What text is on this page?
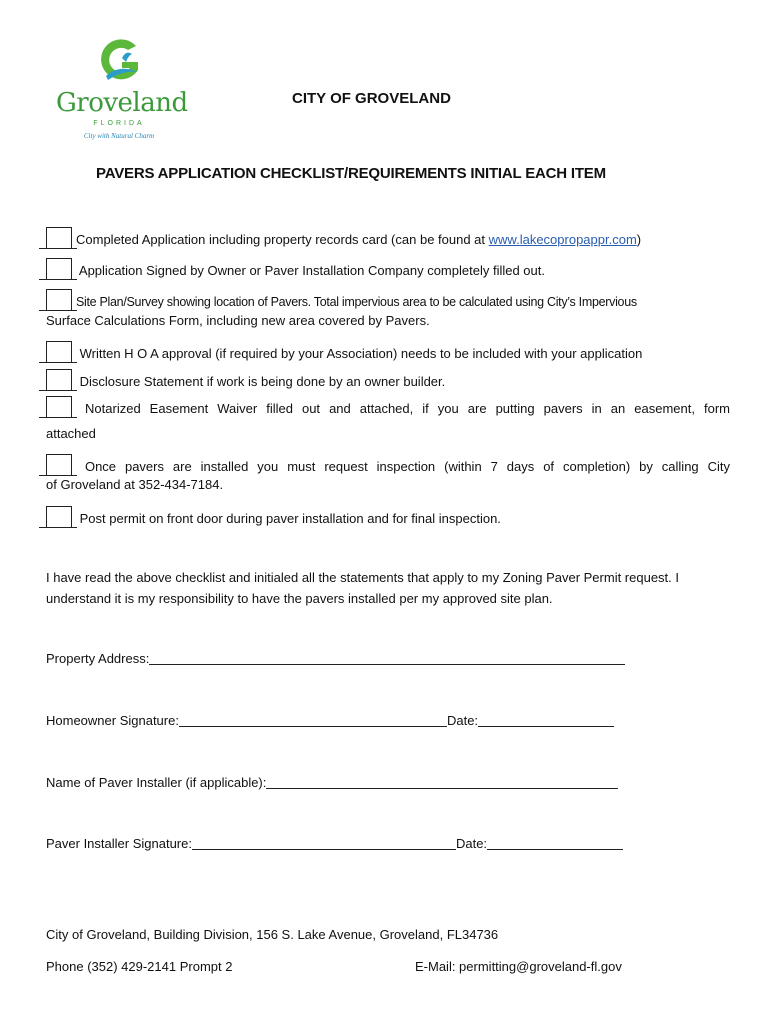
Groveland
FLORIDA
City with Natural Charm
CITY OF GROVELAND
PAVERS APPLICATION CHECKLIST/REQUIREMENTS INITIAL EACH ITEM
Completed Application including property records card (can be found at www.lakecopropappr.com)
Application Signed by Owner or Paver Installation Company completely filled out.
Site Plan/Survey showing location of Pavers. Total impervious area to be calculated using City’s Impervious
Surface Calculations Form, including new area covered by Pavers.
Written H O A approval (if required by your Association) needs to be included with your application
Disclosure Statement if work is being done by an owner builder.
Notarized Easement Waiver filled out and attached, if you are putting pavers in an easement, form
attached
Once pavers are installed you must request inspection (within 7 days of completion) by calling City
of Groveland at 352-434-7184.
Post permit on front door during paver installation and for final inspection.
I have read the above checklist and initialed all the statements that apply to my Zoning Paver Permit request. I understand it is my responsibility to have the pavers installed per my approved site plan.
Property Address:
Homeowner Signature:	Date:
Name of Paver Installer (if applicable):
Paver Installer Signature:	Date:
City of Groveland, Building Division, 156 S. Lake Avenue, Groveland, FL34736
Phone (352) 429-2141 Prompt 2	E-Mail: permitting@groveland-fl.gov
